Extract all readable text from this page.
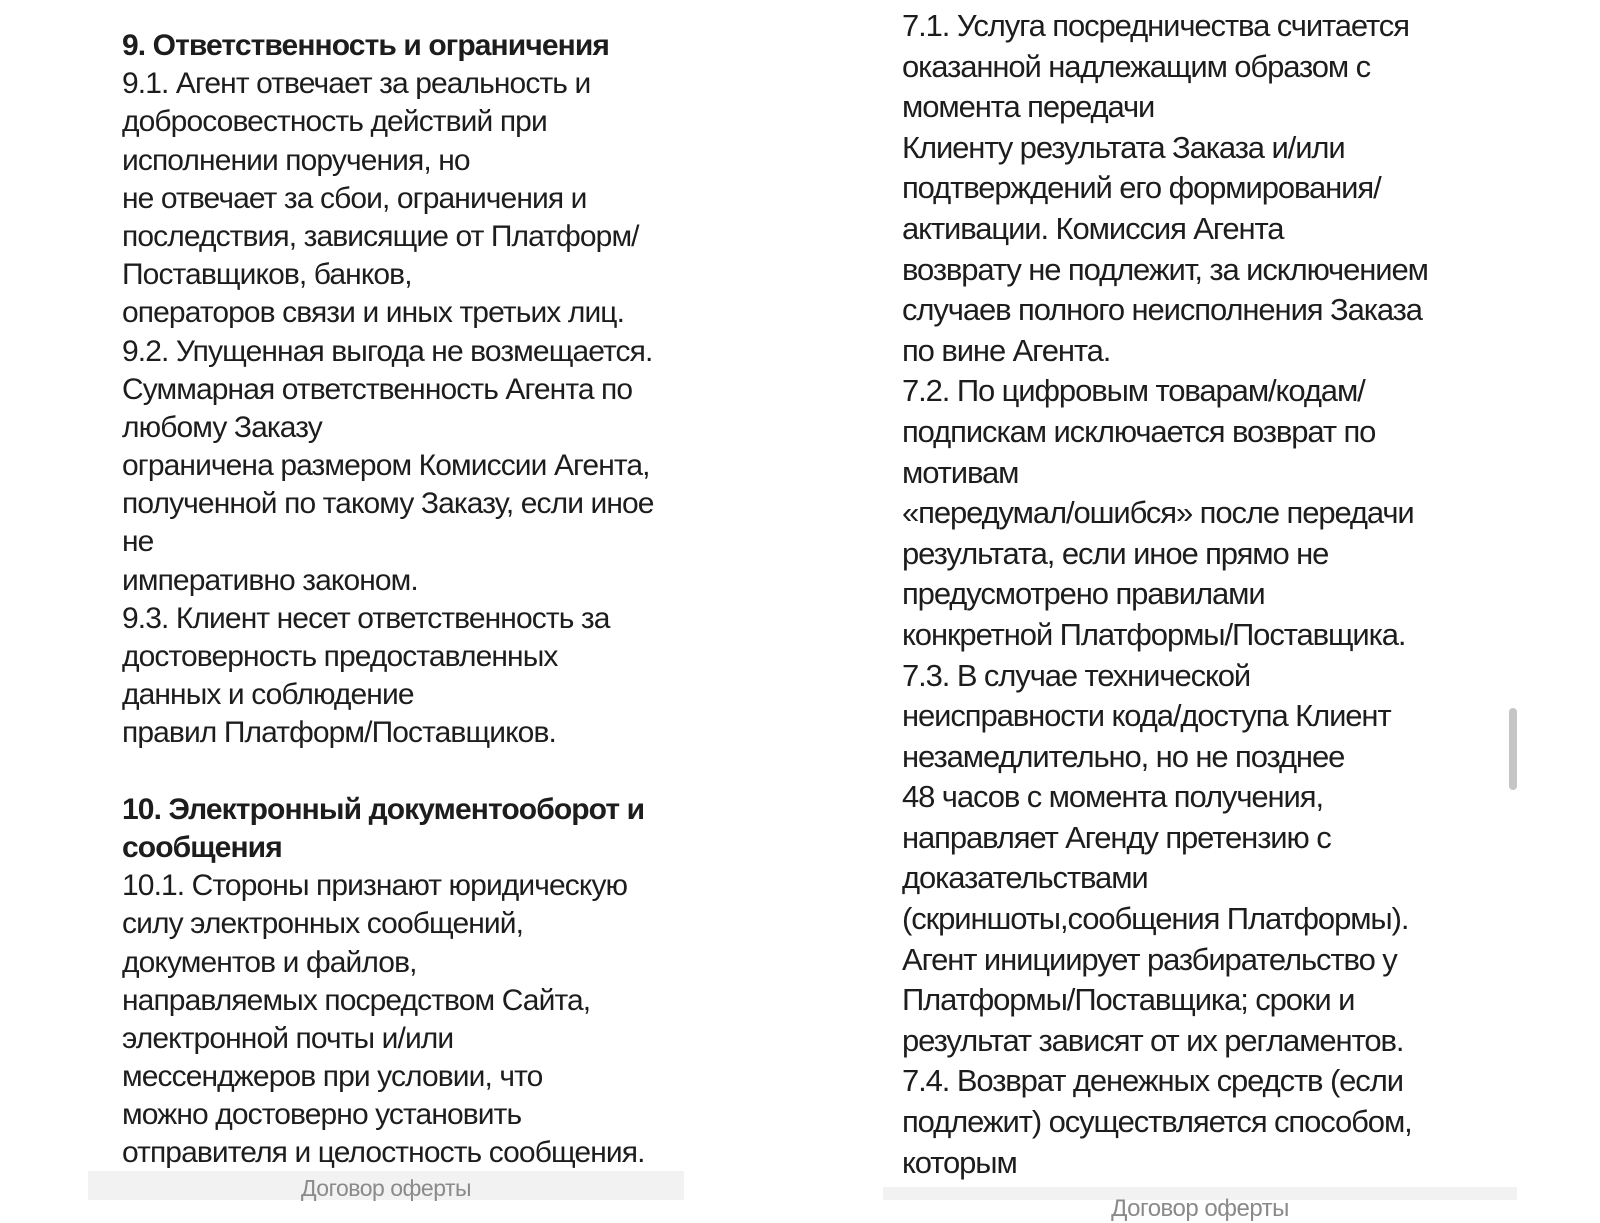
9. Ответственность и ограничения
9.1. Агент отвечает за реальность и
добросовестность действий при
исполнении поручения, но
не отвечает за сбои, ограничения и
последствия, зависящие от Платформ/
Поставщиков, банков,
операторов связи и иных третьих лиц.
9.2. Упущенная выгода не возмещается.
Суммарная ответственность Агента по
любому Заказу
ограничена размером Комиссии Агента,
полученной по такому Заказу, если иное
не
императивно законом.
9.3. Клиент несет ответственность за
достоверность предоставленных
данных и соблюдение
правил Платформ/Поставщиков.
10. Электронный документооборот и
сообщения
10.1. Стороны признают юридическую
силу электронных сообщений,
документов и файлов,
направляемых посредством Сайта,
электронной почты и/или
мессенджеров при условии, что
можно достоверно установить
отправителя и целостность сообщения.
Договор оферты
7.1. Услуга посредничества считается
оказанной надлежащим образом с
момента передачи
Клиенту результата Заказа и/или
подтверждений его формирования/
активации. Комиссия Агента
возврату не подлежит, за исключением
случаев полного неисполнения Заказа
по вине Агента.
7.2. По цифровым товарам/кодам/
подпискам исключается возврат по
мотивам
«передумал/ошибся» после передачи
результата, если иное прямо не
предусмотрено правилами
конкретной Платформы/Поставщика.
7.3. В случае технической
неисправности кода/доступа Клиент
незамедлительно, но не позднее
48 часов с момента получения,
направляет Агенду претензию с
доказательствами
(скриншоты,сообщения Платформы).
Агент инициирует разбирательство у
Платформы/Поставщика; сроки и
результат зависят от их регламентов.
7.4. Возврат денежных средств (если
подлежит) осуществляется способом,
которым
Договор оферты
